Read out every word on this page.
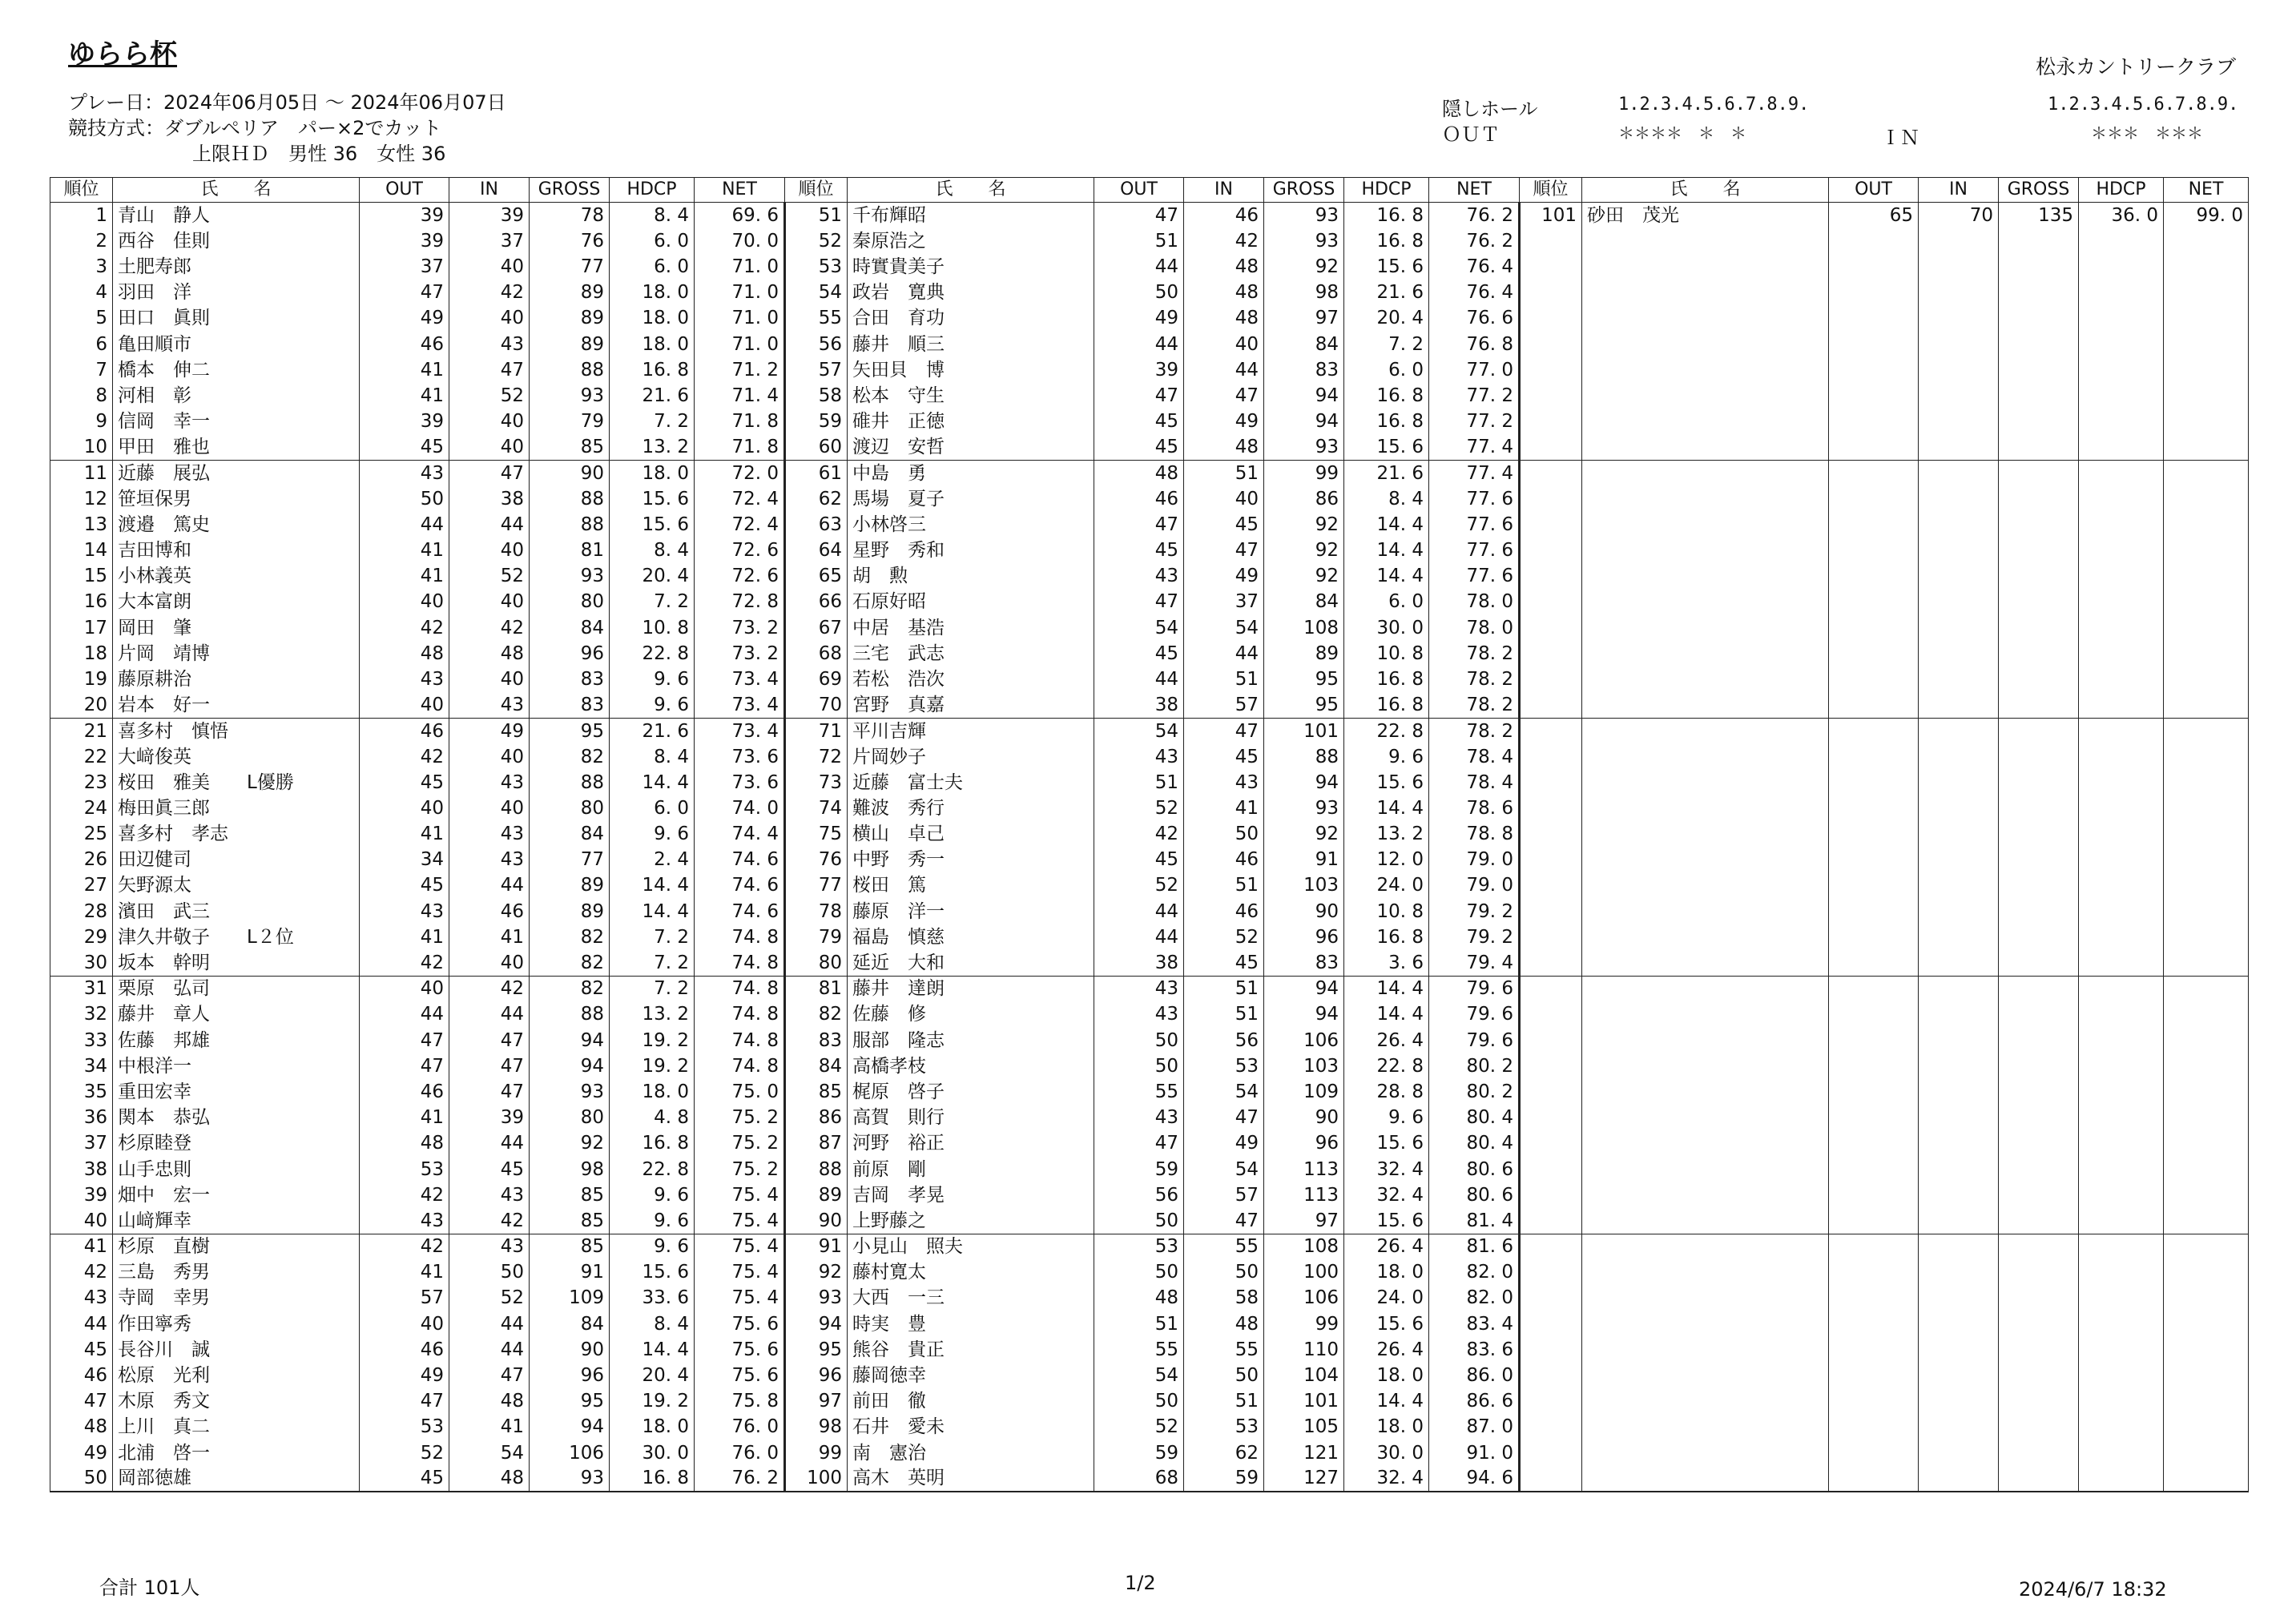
ゆらら杯	松永カントリークラブ
プレー日：2024年06月05日 ～ 2024年06月07日
競技方式：ダブルペリア　パー×2でカット
上限ＨＤ　男性 36　女性 36
隠しホール
ＯＵＴ
1.2.3.4.5.6.7.8.9.
＊＊＊＊　＊　＊	ＩＮ
1.2.3.4.5.6.7.8.9.
＊＊＊　＊＊＊
順位	氏　　名	OUT	IN	GROSS	HDCP	NET	順位	氏　　名	OUT	IN	GROSS	HDCP	NET	順位	氏　　名	OUT	IN	GROSS	HDCP	NET
1	青山　静人	39	39	78	8. 4	69. 6	51	千布輝昭	47	46	93	16. 8	76. 2	101	砂田　茂光	65	70	135	36. 0	99. 0
2	西谷　佳則	39	37	76	6. 0	70. 0	52	秦原浩之	51	42	93	16. 8	76. 2							
3	土肥寿郎	37	40	77	6. 0	71. 0	53	時實貴美子	44	48	92	15. 6	76. 4							
4	羽田　洋	47	42	89	18. 0	71. 0	54	政岩　寛典	50	48	98	21. 6	76. 4							
5	田口　眞則	49	40	89	18. 0	71. 0	55	合田　育功	49	48	97	20. 4	76. 6							
6	亀田順市	46	43	89	18. 0	71. 0	56	藤井　順三	44	40	84	7. 2	76. 8							
7	橋本　伸二	41	47	88	16. 8	71. 2	57	矢田貝　博	39	44	83	6. 0	77. 0							
8	河相　彰	41	52	93	21. 6	71. 4	58	松本　守生	47	47	94	16. 8	77. 2							
9	信岡　幸一	39	40	79	7. 2	71. 8	59	碓井　正徳	45	49	94	16. 8	77. 2							
10	甲田　雅也	45	40	85	13. 2	71. 8	60	渡辺　安哲	45	48	93	15. 6	77. 4							
11	近藤　展弘	43	47	90	18. 0	72. 0	61	中島　勇	48	51	99	21. 6	77. 4							
12	笹垣保男	50	38	88	15. 6	72. 4	62	馬場　夏子	46	40	86	8. 4	77. 6							
13	渡邉　篤史	44	44	88	15. 6	72. 4	63	小林啓三	47	45	92	14. 4	77. 6							
14	吉田博和	41	40	81	8. 4	72. 6	64	星野　秀和	45	47	92	14. 4	77. 6							
15	小林義英	41	52	93	20. 4	72. 6	65	胡　勲	43	49	92	14. 4	77. 6							
16	大本富朗	40	40	80	7. 2	72. 8	66	石原好昭	47	37	84	6. 0	78. 0							
17	岡田　肇	42	42	84	10. 8	73. 2	67	中居　基浩	54	54	108	30. 0	78. 0							
18	片岡　靖博	48	48	96	22. 8	73. 2	68	三宅　武志	45	44	89	10. 8	78. 2							
19	藤原耕治	43	40	83	9. 6	73. 4	69	若松　浩次	44	51	95	16. 8	78. 2							
20	岩本　好一	40	43	83	9. 6	73. 4	70	宮野　真嘉	38	57	95	16. 8	78. 2							
21	喜多村　慎悟	46	49	95	21. 6	73. 4	71	平川吉輝	54	47	101	22. 8	78. 2							
22	大﨑俊英	42	40	82	8. 4	73. 6	72	片岡妙子	43	45	88	9. 6	78. 4							
23	桜田　雅美　　L優勝	45	43	88	14. 4	73. 6	73	近藤　富士夫	51	43	94	15. 6	78. 4							
24	梅田眞三郎	40	40	80	6. 0	74. 0	74	難波　秀行	52	41	93	14. 4	78. 6							
25	喜多村　孝志	41	43	84	9. 6	74. 4	75	横山　卓己	42	50	92	13. 2	78. 8							
26	田辺健司	34	43	77	2. 4	74. 6	76	中野　秀一	45	46	91	12. 0	79. 0							
27	矢野源太	45	44	89	14. 4	74. 6	77	桜田　篤	52	51	103	24. 0	79. 0							
28	濱田　武三	43	46	89	14. 4	74. 6	78	藤原　洋一	44	46	90	10. 8	79. 2							
29	津久井敬子　　L２位	41	41	82	7. 2	74. 8	79	福島　慎慈	44	52	96	16. 8	79. 2							
30	坂本　幹明	42	40	82	7. 2	74. 8	80	延近　大和	38	45	83	3. 6	79. 4							
31	栗原　弘司	40	42	82	7. 2	74. 8	81	藤井　達朗	43	51	94	14. 4	79. 6							
32	藤井　章人	44	44	88	13. 2	74. 8	82	佐藤　修	43	51	94	14. 4	79. 6							
33	佐藤　邦雄	47	47	94	19. 2	74. 8	83	服部　隆志	50	56	106	26. 4	79. 6							
34	中根洋一	47	47	94	19. 2	74. 8	84	高橋孝枝	50	53	103	22. 8	80. 2							
35	重田宏幸	46	47	93	18. 0	75. 0	85	梶原　啓子	55	54	109	28. 8	80. 2							
36	関本　恭弘	41	39	80	4. 8	75. 2	86	高賀　則行	43	47	90	9. 6	80. 4							
37	杉原睦登	48	44	92	16. 8	75. 2	87	河野　裕正	47	49	96	15. 6	80. 4							
38	山手忠則	53	45	98	22. 8	75. 2	88	前原　剛	59	54	113	32. 4	80. 6							
39	畑中　宏一	42	43	85	9. 6	75. 4	89	吉岡　孝晃	56	57	113	32. 4	80. 6							
40	山﨑輝幸	43	42	85	9. 6	75. 4	90	上野藤之	50	47	97	15. 6	81. 4							
41	杉原　直樹	42	43	85	9. 6	75. 4	91	小見山　照夫	53	55	108	26. 4	81. 6							
42	三島　秀男	41	50	91	15. 6	75. 4	92	藤村寛太	50	50	100	18. 0	82. 0							
43	寺岡　幸男	57	52	109	33. 6	75. 4	93	大西　一三	48	58	106	24. 0	82. 0							
44	作田寧秀	40	44	84	8. 4	75. 6	94	時実　豊	51	48	99	15. 6	83. 4							
45	長谷川　誠	46	44	90	14. 4	75. 6	95	熊谷　貴正	55	55	110	26. 4	83. 6							
46	松原　光利	49	47	96	20. 4	75. 6	96	藤岡徳幸	54	50	104	18. 0	86. 0							
47	木原　秀文	47	48	95	19. 2	75. 8	97	前田　徹	50	51	101	14. 4	86. 6							
48	上川　真二	53	41	94	18. 0	76. 0	98	石井　愛未	52	53	105	18. 0	87. 0							
49	北浦　啓一	52	54	106	30. 0	76. 0	99	南　憲治	59	62	121	30. 0	91. 0							
50	岡部徳雄	45	48	93	16. 8	76. 2	100	高木　英明	68	59	127	32. 4	94. 6							
合計 101人	1/2	2024/6/7 18:32
